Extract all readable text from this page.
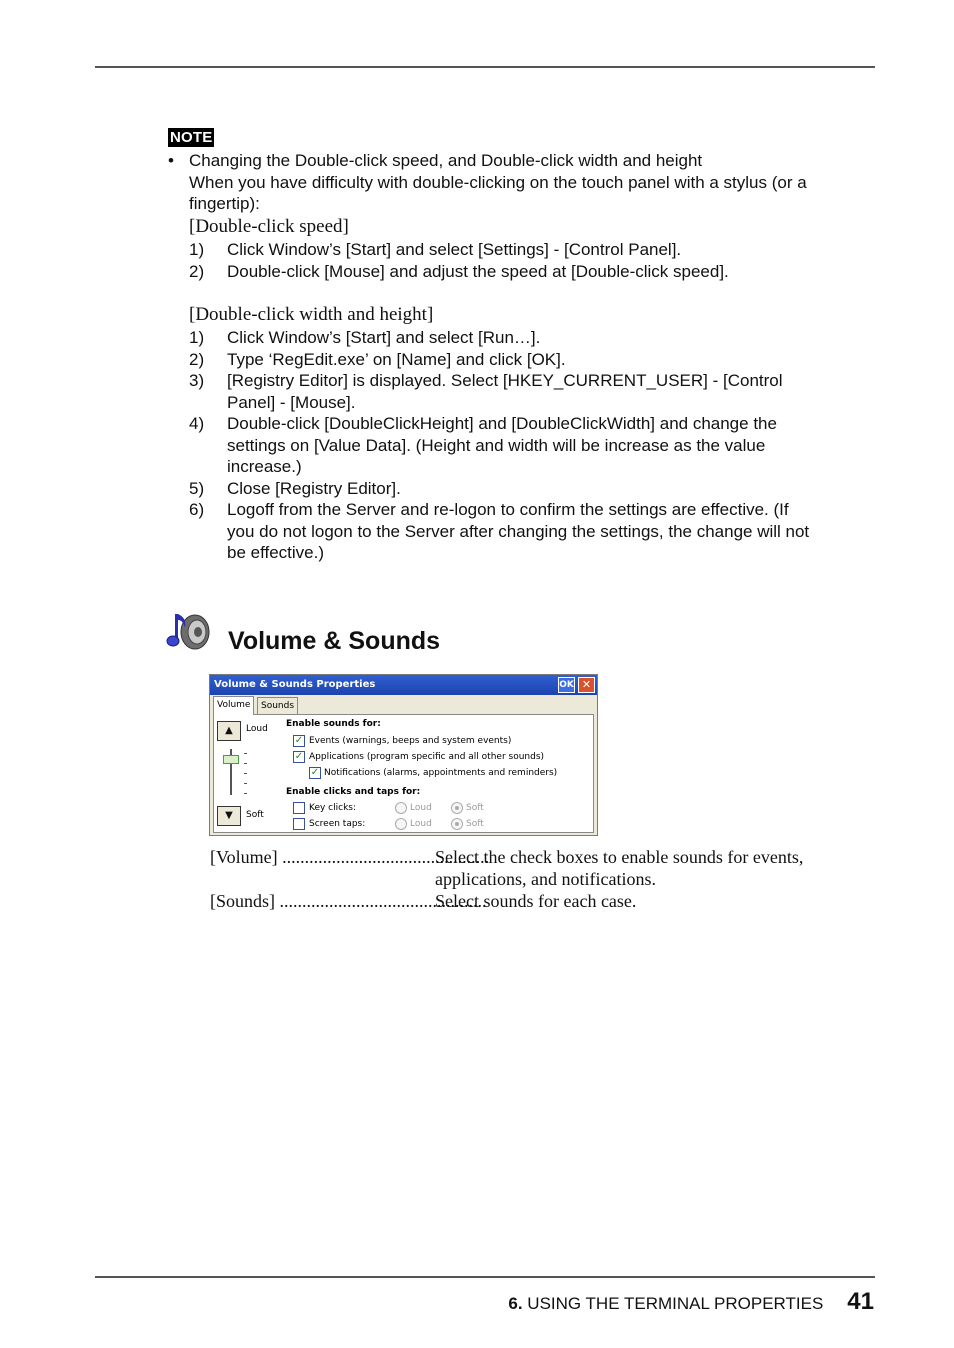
NOTE
• Changing the Double-click speed, and Double-click width and height
When you have difficulty with double-clicking on the touch panel with a stylus (or a
fingertip):
[Double-click speed]
1)	Click Window’s [Start] and select [Settings] - [Control Panel].
2)	Double-click [Mouse] and adjust the speed at [Double-click speed].
[Double-click width and height]
1)	Click Window’s [Start] and select [Run…].
2)	Type ‘RegEdit.exe’ on [Name] and click [OK].
3)	[Registry Editor] is displayed. Select [HKEY_CURRENT_USER] - [Control
Panel] - [Mouse].
4)	Double-click [DoubleClickHeight] and [DoubleClickWidth] and change the
settings on [Value Data]. (Height and width will be increase as the value
increase.)
5)	Close [Registry Editor].
6)	Logoff from the Server and re-logon to confirm the settings are effective. (If
you do not logon to the Server after changing the settings, the change will not
be effective.)
Volume & Sounds
Volume & Sounds Properties	OK ✕
Volume	Sounds
▲	Loud
▼	Soft
Enable sounds for:
✓ Events (warnings, beeps and system events)
✓ Applications (program specific and all other sounds)
✓ Notifications (alarms, appointments and reminders)
Enable clicks and taps for:
Key clicks:	Loud	Soft
Screen taps:	Loud	Soft
[Volume] ..............................................
Select the check boxes to enable sounds for events, applications, and notifications.
[Sounds] ..............................................
Select sounds for each case.
6. USING THE TERMINAL PROPERTIES 41
